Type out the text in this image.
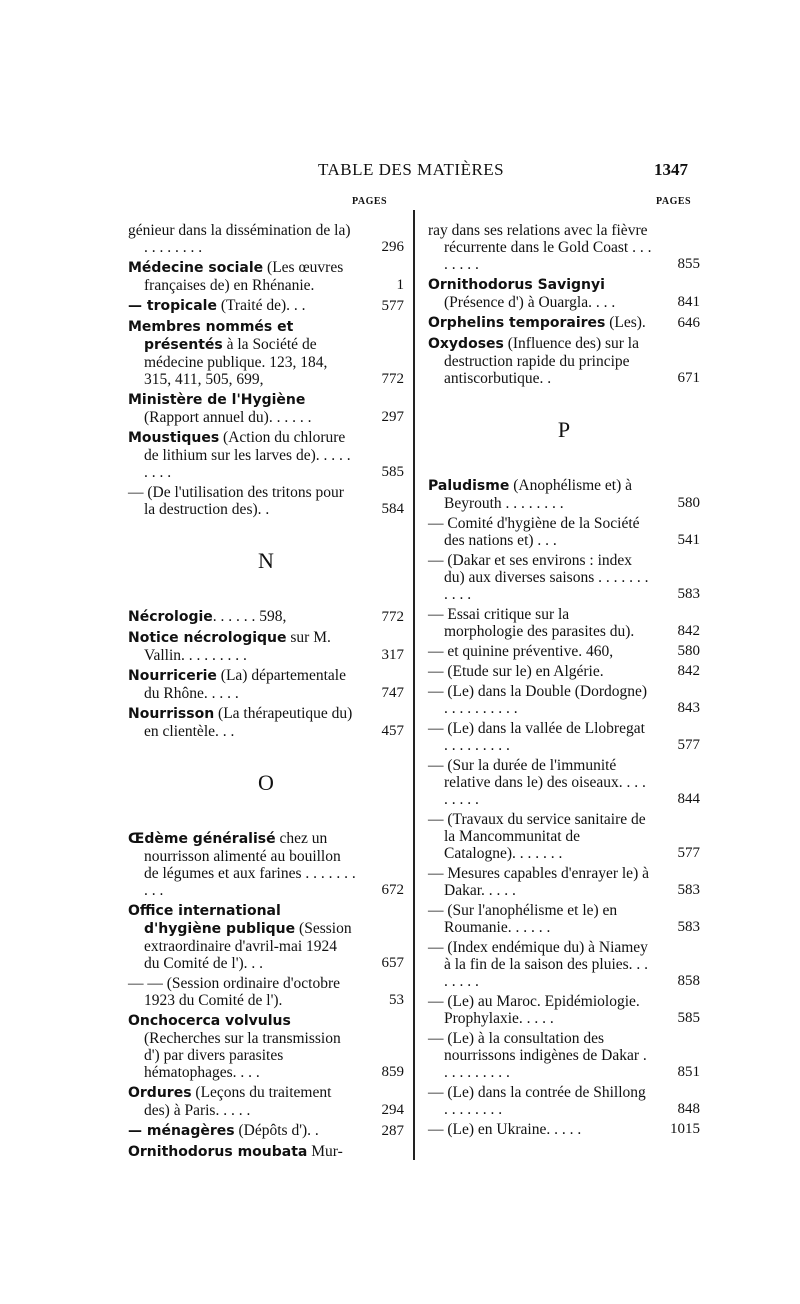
TABLE DES MATIÈRES	1347
PAGES	PAGES
génieur dans la dissémination de la) . . . . . . . .	296
Médecine sociale (Les œuvres françaises de) en Rhénanie.	1
— tropicale (Traité de). . .	577
Membres nommés et présentés à la Société de médecine publique. 123, 184, 315, 411, 505, 699,	772
Ministère de l'Hygiène (Rapport annuel du). . . . . .	297
Moustiques (Action du chlorure de lithium sur les larves de). . . . . . . . .	585
— (De l'utilisation des tritons pour la destruction des). .	584
N
Nécrologie. . . . . . 598,	772
Notice nécrologique sur M. Vallin. . . . . . . . .	317
Nourricerie (La) départementale du Rhône. . . . .	747
Nourrisson (La thérapeutique du) en clientèle. . .	457
O
Œdème généralisé chez un nourrisson alimenté au bouillon de légumes et aux farines . . . . . . . . . .	672
Office international d'hygiène publique (Session extraordinaire d'avril-mai 1924 du Comité de l'). . .	657
— — (Session ordinaire d'octobre 1923 du Comité de l').	53
Onchocerca volvulus (Recherches sur la transmission d') par divers parasites hématophages. . . .	859
Ordures (Leçons du traitement des) à Paris. . . . .	294
— ménagères (Dépôts d'). .	287
Ornithodorus moubata Mur-
ray dans ses relations avec la fièvre récurrente dans le Gold Coast . . . . . . . .	855
Ornithodorus Savignyi (Présence d') à Ouargla. . . .	841
Orphelins temporaires (Les).	646
Oxydoses (Influence des) sur la destruction rapide du principe antiscorbutique. .	671
P
Paludisme (Anophélisme et) à Beyrouth . . . . . . . .	580
— Comité d'hygiène de la Société des nations et) . . .	541
— (Dakar et ses environs : index du) aux diverses saisons . . . . . . . . . . .	583
— Essai critique sur la morphologie des parasites du).	842
— et quinine préventive. 460,	580
— (Etude sur le) en Algérie.	842
— (Le) dans la Double (Dordogne) . . . . . . . . . .	843
— (Le) dans la vallée de Llobregat . . . . . . . . .	577
— (Sur la durée de l'immunité relative dans le) des oiseaux. . . . . . . . .	844
— (Travaux du service sanitaire de la Mancommunitat de Catalogne). . . . . . .	577
— Mesures capables d'enrayer le) à Dakar. . . . .	583
— (Sur l'anophélisme et le) en Roumanie. . . . . .	583
— (Index endémique du) à Niamey à la fin de la saison des pluies. . . . . . . .	858
— (Le) au Maroc. Epidémiologie. Prophylaxie. . . . .	585
— (Le) à la consultation des nourrissons indigènes de Dakar . . . . . . . . . .	851
— (Le) dans la contrée de Shillong . . . . . . . .	848
— (Le) en Ukraine. . . . .	1015
